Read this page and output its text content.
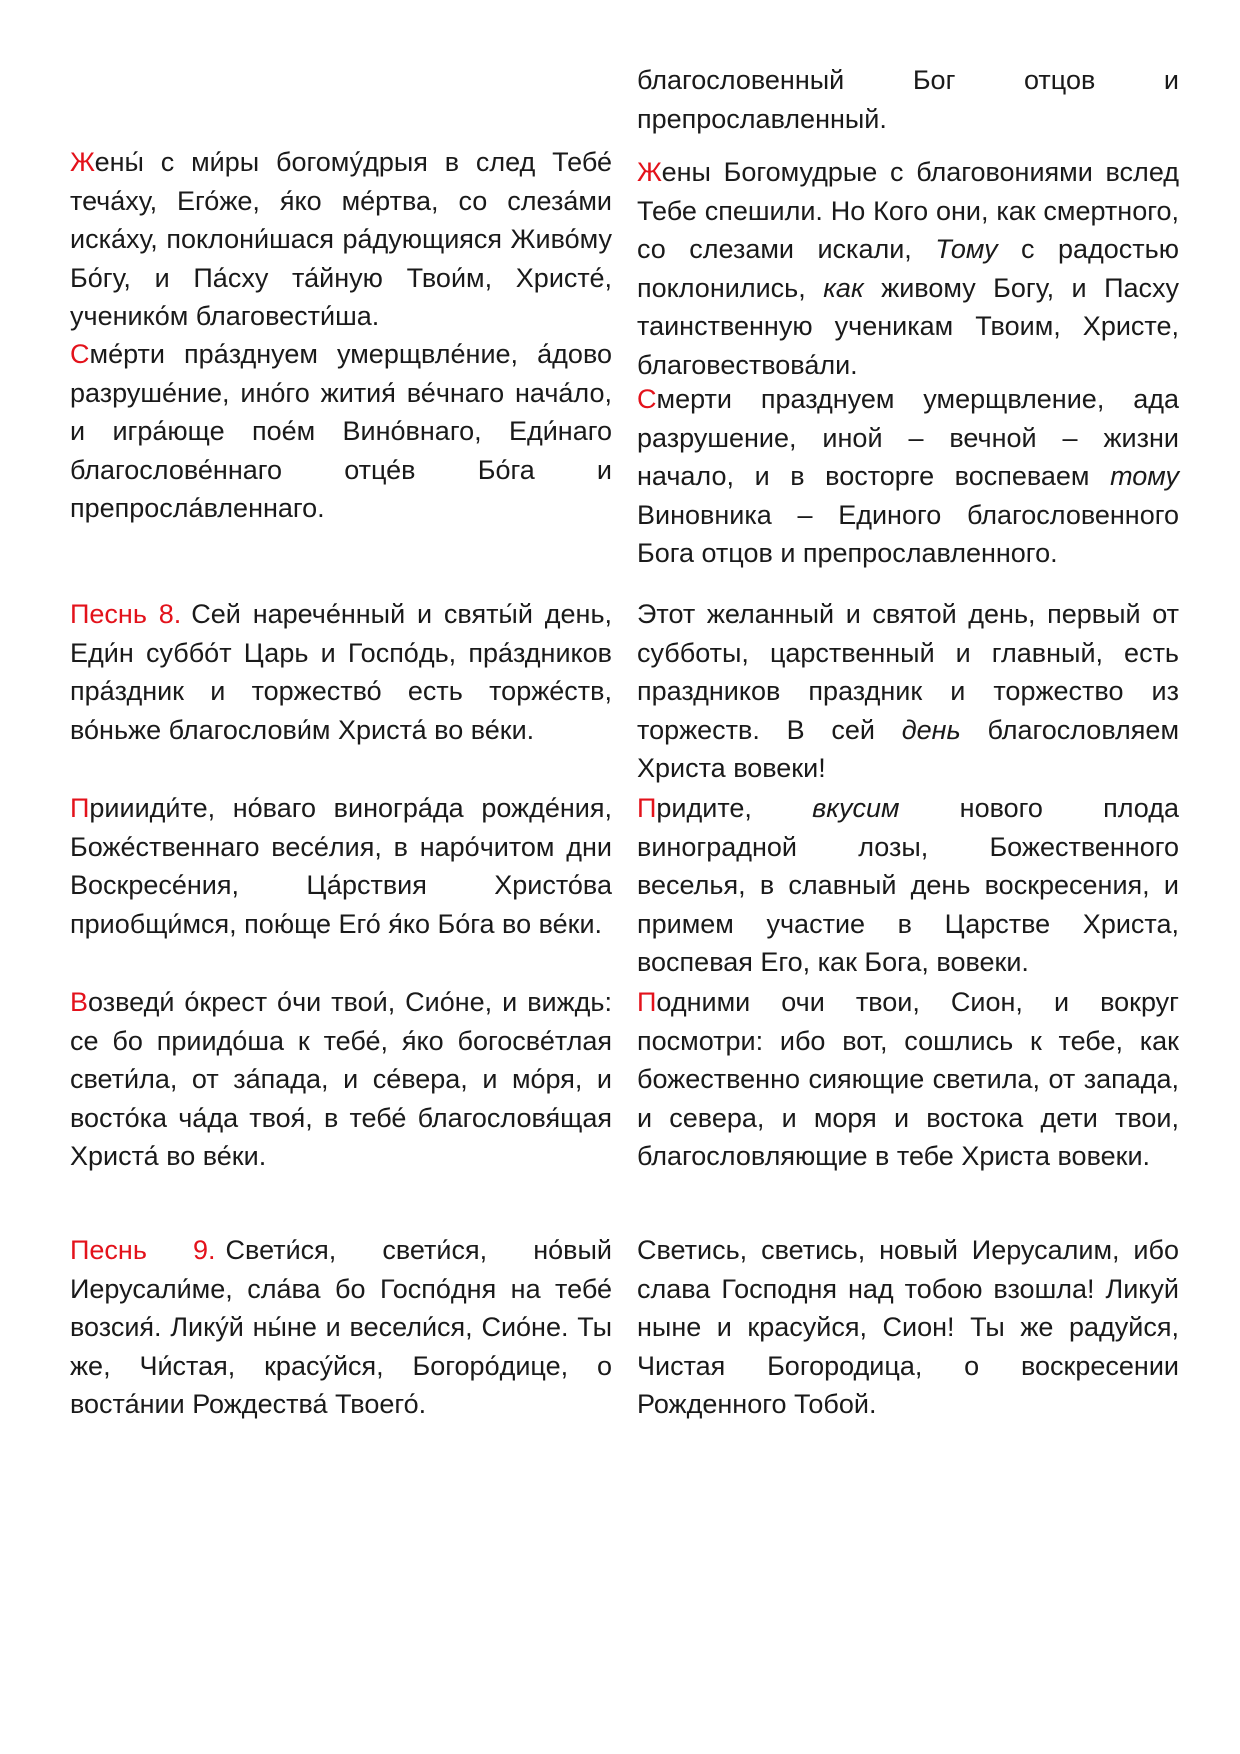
Жены́ с ми́ры богому́дрыя в след Тебе́ теча́ху, Его́же, я́ко ме́ртва, со слеза́ми иска́ху, поклони́шася ра́дующияся Живо́му Бо́гу, и Па́сху та́йную Твои́м, Христе́, ученико́м благовести́ша.

Сме́рти пра́зднуем умерщвле́ние, а́дово разруше́ние, ино́го жития́ ве́чнаго нача́ло, и игра́юще пое́м Вино́внаго, Еди́наго благослове́ннаго отце́в Бо́га и препросла́вленнаго.

Песнь 8. Сей нарече́нный и святы́й день, Еди́н суббо́т Царь и Госпо́дь, пра́здников пра́здник и торжество́ есть торже́ств, во́ньже благослови́м Христа́ во ве́ки.

Приииди́те, но́ваго виногра́да рожде́ния, Боже́ственнаго весе́лия, в наро́читом дни Воскресе́ния, Ца́рствия Христо́ва приобщи́мся, пою́ще Его́ я́ко Бо́га во ве́ки.

Возведи́ о́крест о́чи твои́, Сио́не, и виждь: се бо приидо́ша к тебе́, я́ко богосве́тлая свети́ла, от за́пада, и се́вера, и мо́ря, и восто́ка ча́да твоя́, в тебе́ благословя́щая Христа́ во ве́ки.

Песнь 9. Свети́ся, свети́ся, но́вый Иерусали́ме, сла́ва бо Госпо́дня на тебе́ возсия́. Лику́й ны́не и весели́ся, Сио́не. Ты же, Чи́стая, красу́йся, Богоро́дице, о воста́нии Рождества́ Твоего́.

благословенный Бог отцов и препрославленный.

Жены Богомудрые с благовониями вслед Тебе спешили. Но Кого они, как смертного, со слезами искали, Тому с радостью поклонились, как живому Богу, и Пасху таинственную ученикам Твоим, Христе, благовествова́ли.

Смерти празднуем умерщвление, ада разрушение, иной – вечной – жизни начало, и в восторге воспеваем тому Виновника – Единого благословенного Бога отцов и препрославленного.

Этот желанный и святой день, первый от субботы, царственный и главный, есть праздников праздник и торжество из торжеств. В сей день благословляем Христа вовеки!

Придите, вкусим нового плода виноградной лозы, Божественного веселья, в славный день воскресения, и примем участие в Царстве Христа, воспевая Его, как Бога, вовеки.

Подними очи твои, Сион, и вокруг посмотри: ибо вот, сошлись к тебе, как божественно сияющие светила, от запада, и севера, и моря и востока дети твои, благословляющие в тебе Христа вовеки.

Светись, светись, новый Иерусалим, ибо слава Господня над тобою взошла! Ликуй ныне и красуйся, Сион! Ты же радуйся, Чистая Богородица, о воскресении Рожденного Тобой.
